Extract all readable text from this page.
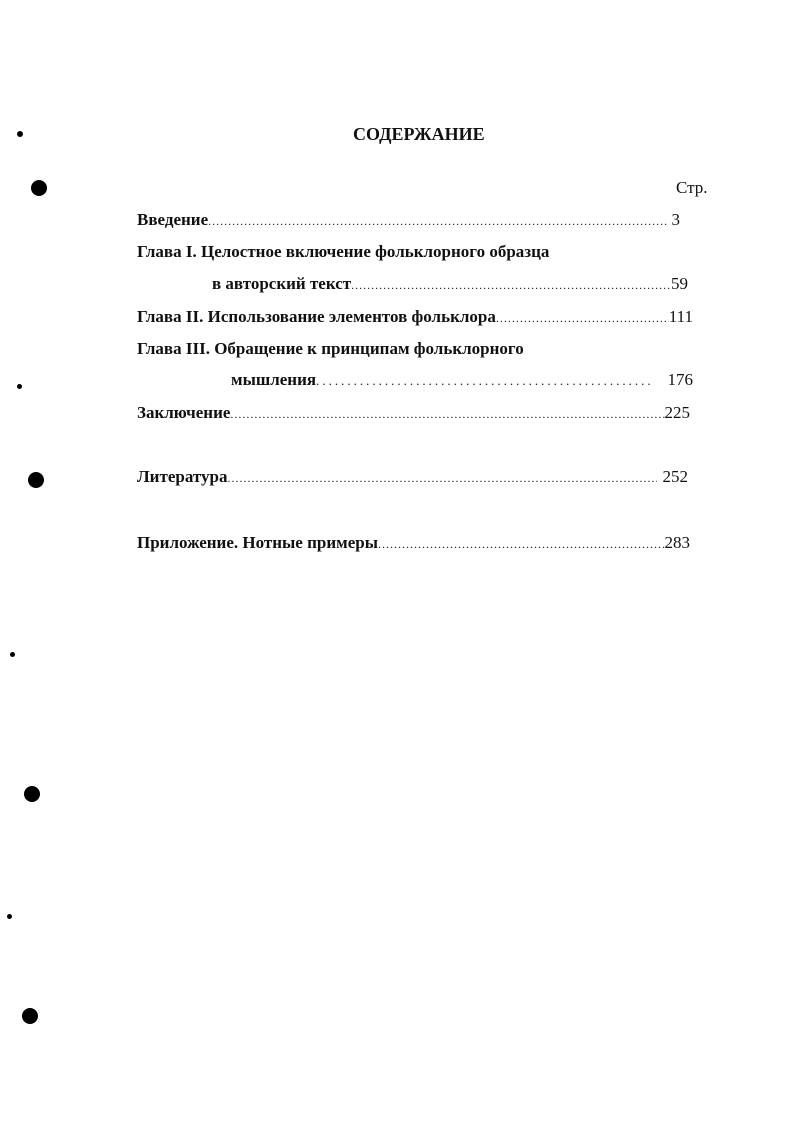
СОДЕРЖАНИЕ
Стр.
Введение .....	3
Глава I. Целостное включение фольклорного образца
в авторский текст .....	59
Глава II. Использование элементов фольклора .....	111
Глава III. Обращение к принципам фольклорного
мышления .....	176
Заключение .....	225
Литература .....	252
Приложение. Нотные примеры .....	283
